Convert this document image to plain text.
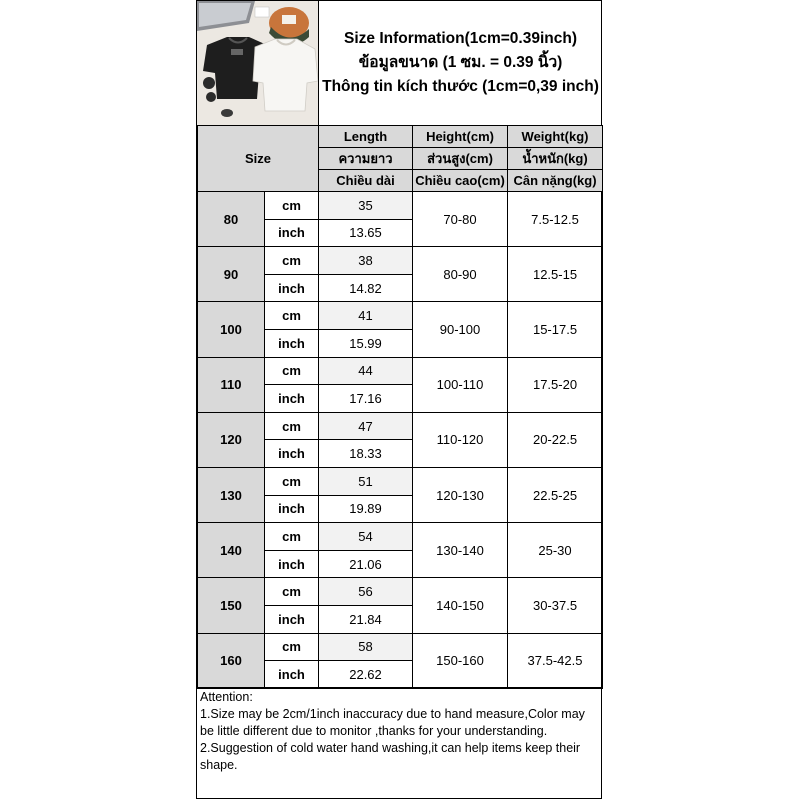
Size Information(1cm=0.39inch)
ข้อมูลขนาด (1 ซม. = 0.39 นิ้ว)
Thông tin kích thước (1cm=0,39 inch)
Size		Length	Height(cm)	Weight(kg)
		ความยาว	ส่วนสูง(cm)	น้ำหนัก(kg)
		Chiều dài	Chiều cao(cm)	Cân nặng(kg)
80	cm	35	70-80	7.5-12.5
	inch	13.65		
90	cm	38	80-90	12.5-15
	inch	14.82		
100	cm	41	90-100	15-17.5
	inch	15.99		
110	cm	44	100-110	17.5-20
	inch	17.16		
120	cm	47	110-120	20-22.5
	inch	18.33		
130	cm	51	120-130	22.5-25
	inch	19.89		
140	cm	54	130-140	25-30
	inch	21.06		
150	cm	56	140-150	30-37.5
	inch	21.84		
160	cm	58	150-160	37.5-42.5
	inch	22.62		

Attention:

1.Size may be 2cm/1inch inaccuracy due to hand measure,Color may be little different due to monitor ,thanks for your understanding.

2.Suggestion of cold water hand washing,it can help items keep their shape.
